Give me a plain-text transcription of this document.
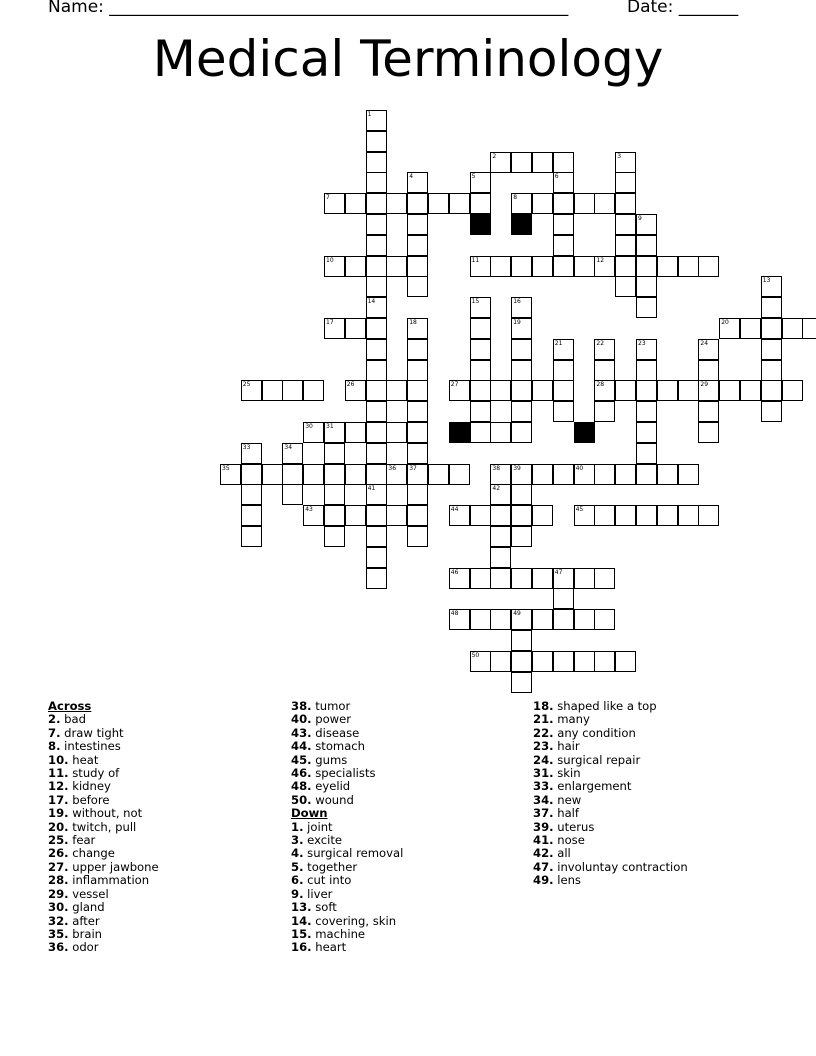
Name: ______________________________________________________	Date: _______
Medical Terminology
2
7	8
10	11	12
17	20
25	26	27	28	29
30 31	32
35	36 37	38 39	40
43	44	45
46	47
48	49
50
1
3
4	5	6
9
13
14
41
15	16
19
18
21	22	23	24
33	34
42
Across
2. bad
7. draw tight
8. intestines
10. heat
11. study of
12. kidney
17. before
19. without, not
20. twitch, pull
25. fear
26. change
27. upper jawbone
28. inflammation
29. vessel
30. gland
32. after
35. brain
36. odor
38. tumor
40. power
43. disease
44. stomach
45. gums
46. specialists
48. eyelid
50. wound
Down
1. joint
3. excite
4. surgical removal
5. together
6. cut into
9. liver
13. soft
14. covering, skin
15. machine
16. heart
18. shaped like a top
21. many
22. any condition
23. hair
24. surgical repair
31. skin
33. enlargement
34. new
37. half
39. uterus
41. nose
42. all
47. involuntay contraction
49. lens
